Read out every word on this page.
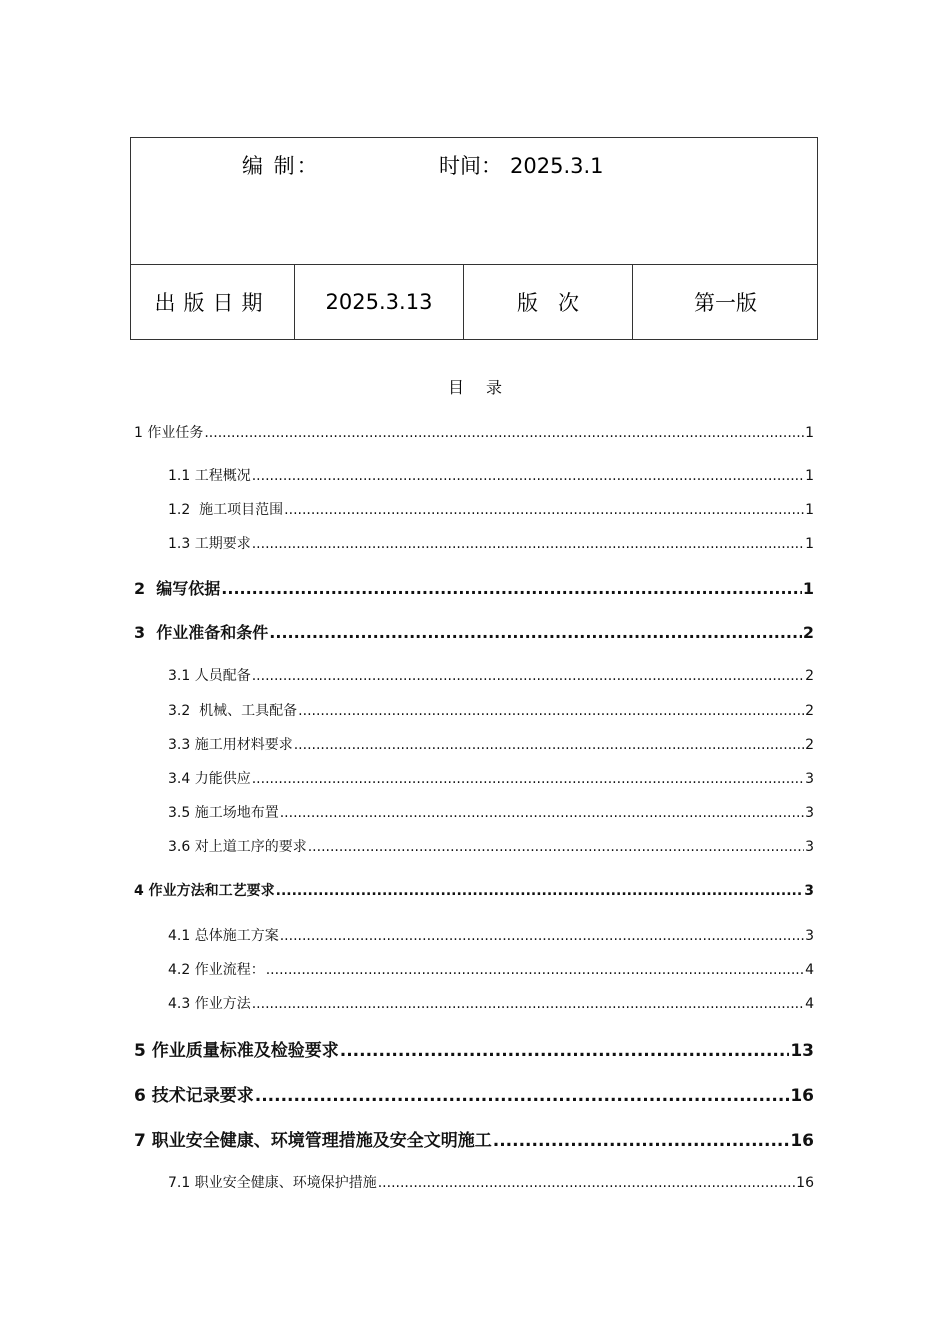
编 制：	时间： 2025.3.1
出版日期	2025.3.13	版   次	第一版
目录
1 作业任务 .....	1
1.1 工程概况 .....	1
1.2  施工项目范围 .....	1
1.3 工期要求 .....	1
2  编写依据 .....	1
3  作业准备和条件 .....	2
3.1 人员配备 .....	2
3.2  机械、工具配备 .....	2
3.3 施工用材料要求 .....	2
3.4 力能供应 .....	3
3.5 施工场地布置 .....	3
3.6 对上道工序的要求 .....	3
4 作业方法和工艺要求 .....	3
4.1 总体施工方案 .....	3
4.2 作业流程： .....	4
4.3 作业方法 .....	4
5 作业质量标准及检验要求 .....	13
6 技术记录要求 .....	16
7 职业安全健康、环境管理措施及安全文明施工 .....	16
7.1 职业安全健康、环境保护措施 .....	16
